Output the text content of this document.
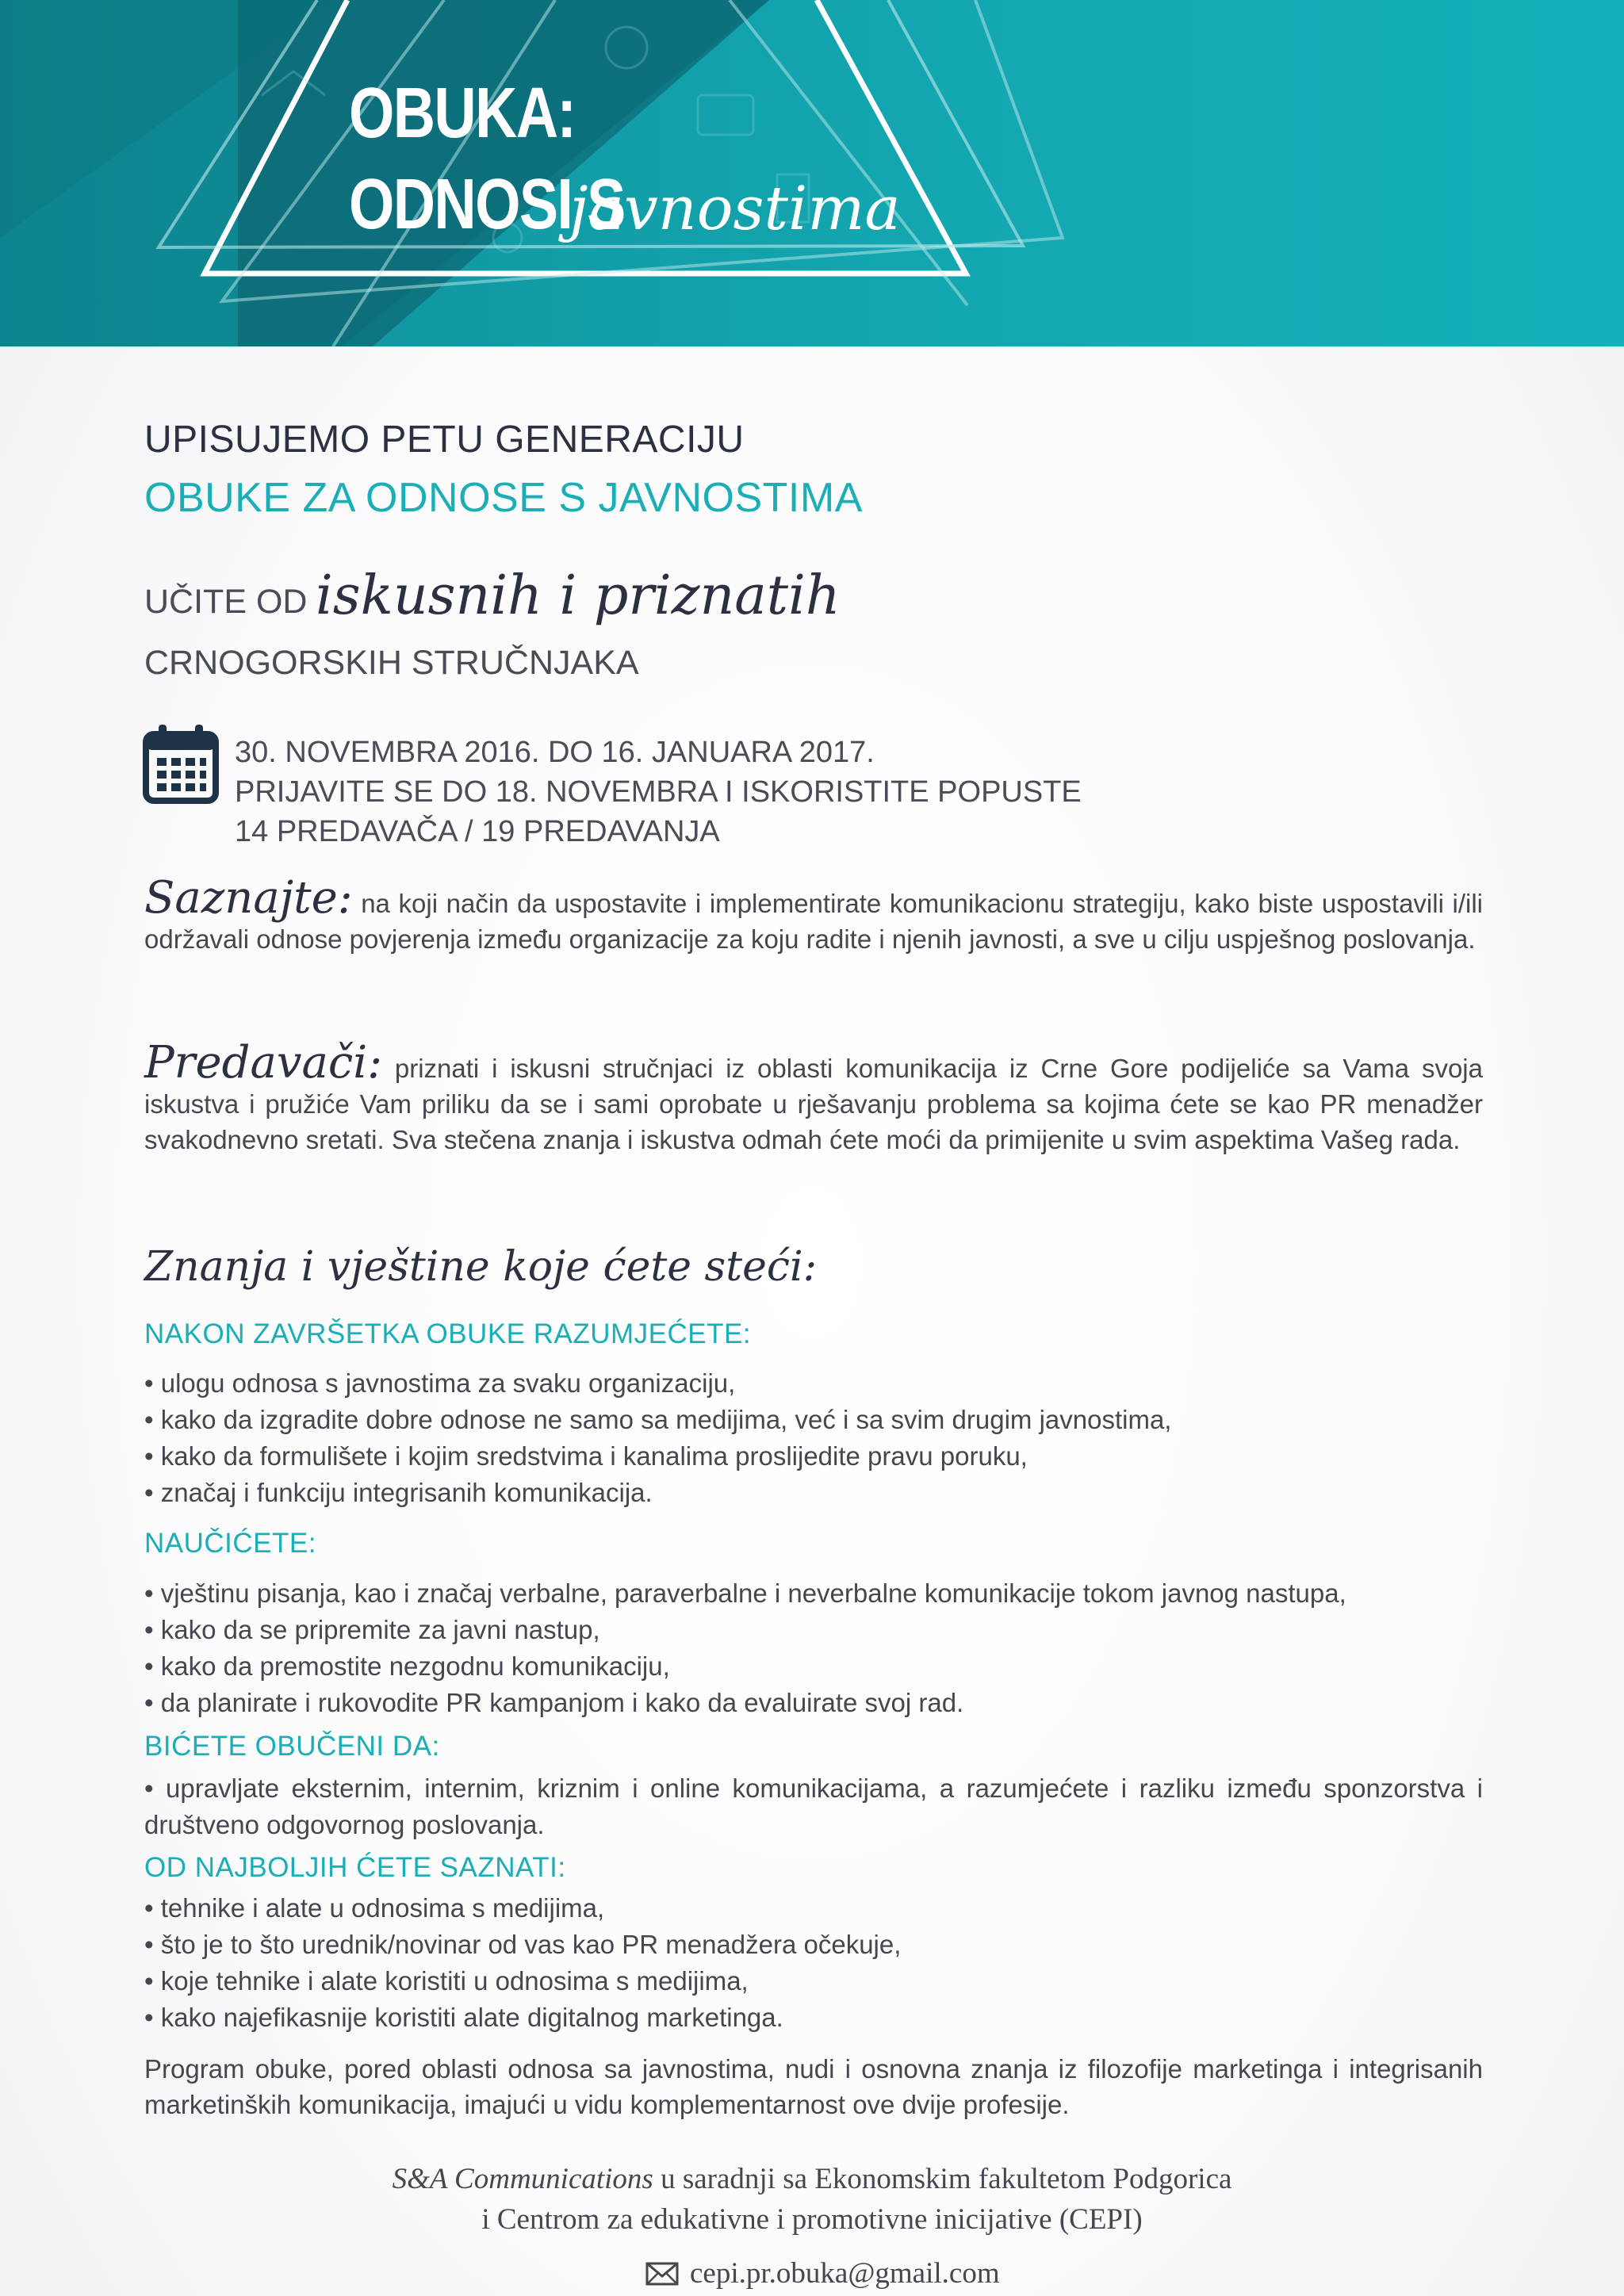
OBUKA:
ODNOSI S
javnostima
UPISUJEMO PETU GENERACIJU
OBUKE ZA ODNOSE S JAVNOSTIMA
UČITE OD iskusnih i priznatih
CRNOGORSKIH STRUČNJAKA
30. NOVEMBRA 2016. DO 16. JANUARA 2017.
PRIJAVITE SE DO 18. NOVEMBRA I ISKORISTITE POPUSTE
14 PREDAVAČA / 19 PREDAVANJA
Saznajte: na koji način da uspostavite i implementirate komunikacionu strategiju, kako biste uspostavili i/ili održavali odnose povjerenja između organizacije za koju radite i njenih javnosti, a sve u cilju uspješnog poslovanja.
Predavači: priznati i iskusni stručnjaci iz oblasti komunikacija iz Crne Gore podijeliće sa Vama svoja iskustva i pružiće Vam priliku da se i sami oprobate u rješavanju problema sa kojima ćete se kao PR menadžer svakodnevno sretati. Sva stečena znanja i iskustva odmah ćete moći da primijenite u svim aspektima Vašeg rada.
Znanja i vještine koje ćete steći:
NAKON ZAVRŠETKA OBUKE RAZUMJEĆETE:
• ulogu odnosa s javnostima za svaku organizaciju,
• kako da izgradite dobre odnose ne samo sa medijima, već i sa svim drugim javnostima,
• kako da formulišete i kojim sredstvima i kanalima proslijedite pravu poruku,
• značaj i funkciju integrisanih komunikacija.
NAUČIĆETE:
• vještinu pisanja, kao i značaj verbalne, paraverbalne i neverbalne komunikacije tokom javnog nastupa,
• kako da se pripremite za javni nastup,
• kako da premostite nezgodnu komunikaciju,
• da planirate i rukovodite PR kampanjom i kako da evaluirate svoj rad.
BIĆETE OBUČENI DA:
• upravljate eksternim, internim, kriznim i online komunikacijama, a razumjećete i razliku između sponzorstva i društveno odgovornog poslovanja.
OD NAJBOLJIH ĆETE SAZNATI:
• tehnike i alate u odnosima s medijima,
• što je to što urednik/novinar od vas kao PR menadžera očekuje,
• koje tehnike i alate koristiti u odnosima s medijima,
• kako najefikasnije koristiti alate digitalnog marketinga.
Program obuke, pored oblasti odnosa sa javnostima, nudi i osnovna znanja iz filozofije marketinga i integrisanih marketinških komunikacija, imajući u vidu komplementarnost ove dvije profesije.
S&A Communications u saradnji sa Ekonomskim fakultetom Podgorica
i Centrom za edukativne i promotivne inicijative (CEPI)
cepi.pr.obuka@gmail.com
